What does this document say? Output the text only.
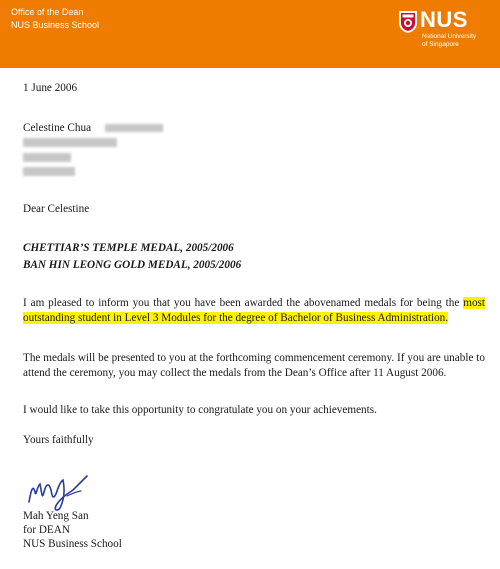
Office of the Dean
NUS Business School	NUS
National University
of Singapore
1 June 2006
Celestine Chua
Dear Celestine
CHETTIAR’S TEMPLE MEDAL, 2005/2006
BAN HIN LEONG GOLD MEDAL, 2005/2006
I am pleased to inform you that you have been awarded the abovenamed medals for being the most outstanding student in Level 3 Modules for the degree of Bachelor of Business Administration.
The medals will be presented to you at the forthcoming commencement ceremony. If you are unable to attend the ceremony, you may collect the medals from the Dean’s Office after 11 August 2006.
I would like to take this opportunity to congratulate you on your achievements.
Yours faithfully
Mah Yeng San
for DEAN
NUS Business School
